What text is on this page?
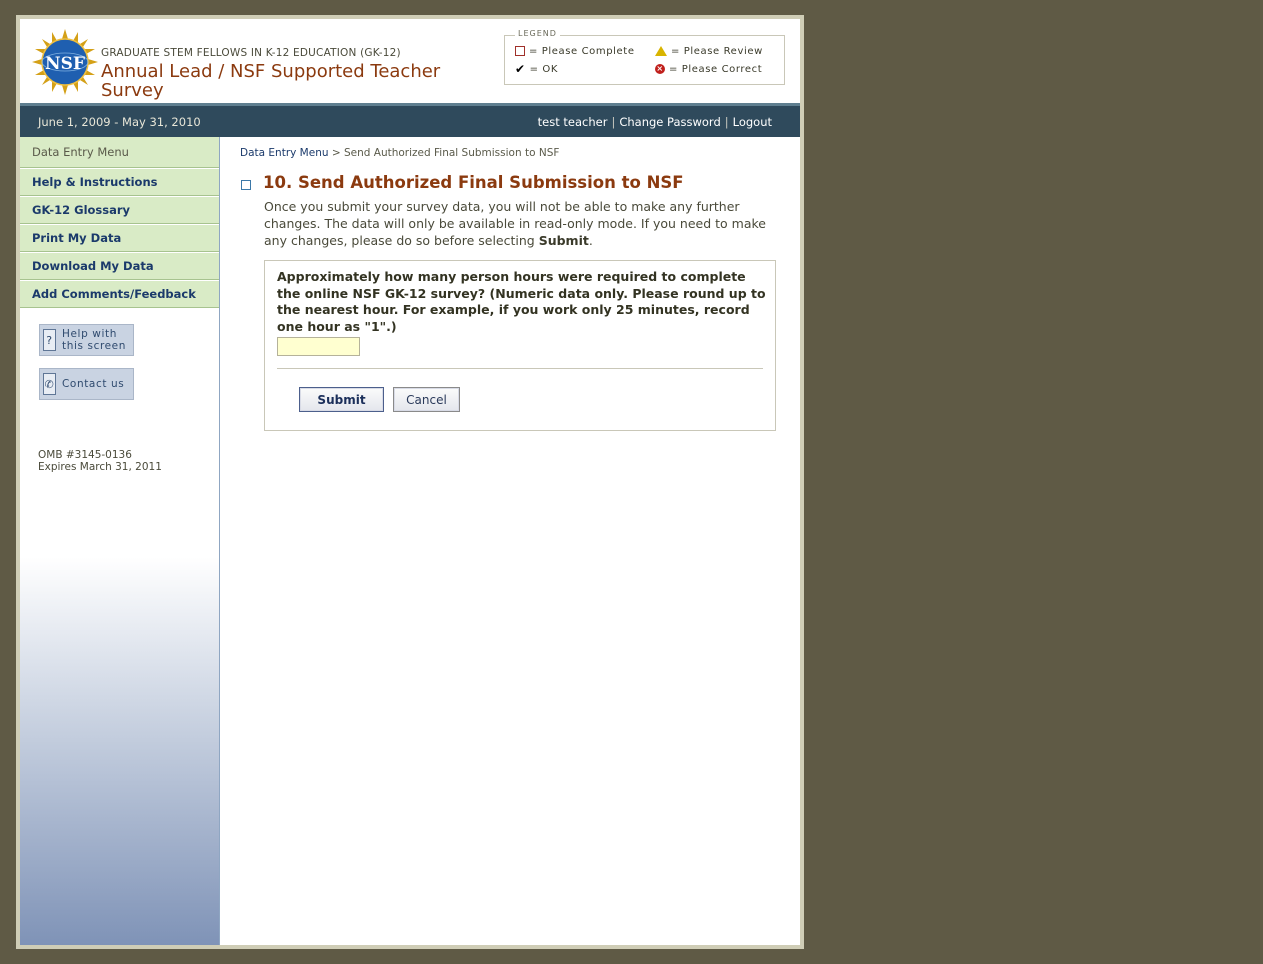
NSF
GRADUATE STEM FELLOWS IN K-12 EDUCATION (GK-12)
Annual Lead / NSF Supported Teacher Survey
LEGEND
= Please Complete	= Please Review
✔ = OK	× = Please Correct
June 1, 2009 - May 31, 2010	test teacher | Change Password | Logout
Data Entry Menu
Help & Instructions
GK-12 Glossary
Print My Data
Download My Data
Add Comments/Feedback
? Help with
this screen
✆ Contact us
OMB #3145-0136
Expires March 31, 2011
Data Entry Menu > Send Authorized Final Submission to NSF
10. Send Authorized Final Submission to NSF
Once you submit your survey data, you will not be able to make any further changes. The data will only be available in read-only mode. If you need to make any changes, please do so before selecting Submit.
Approximately how many person hours were required to complete the online NSF GK-12 survey? (Numeric data only. Please round up to the nearest hour. For example, if you work only 25 minutes, record one hour as "1".)
Submit	Cancel
